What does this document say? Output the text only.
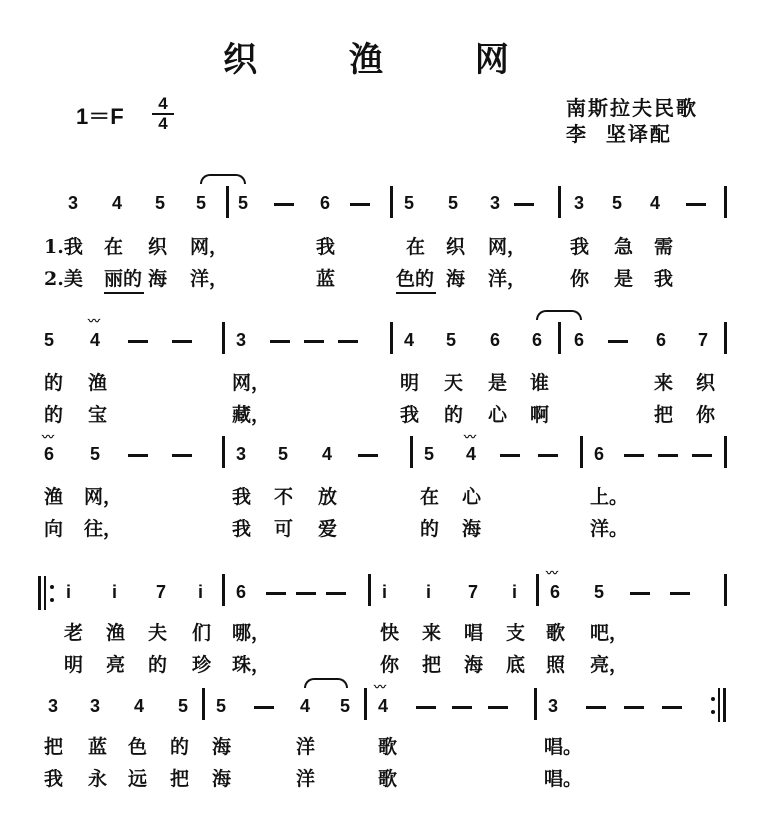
织 渔 网
1＝F
4
4
南斯拉夫民歌
李  坚译配
3 4 5 5 5	6	5 5 3	3 5 4
1.我 在 织 网，	我	在 织 网， 我 急 需
2.美 丽的 海 洋，	蓝	色的 海 洋， 你 是 我
5
〰
4	3	4 5 6 6 6	6 7
的 渔	网，	明 天 是 谁	来 织
的 宝	藏，	我 的 心 啊	把 你
〰
6 5	3 5 4	5
〰
4	6
渔 网，	我 不 放	在 心	上。
向 往，	我 可 爱	的 海	洋。
i i 7 i 6	i i 7 i
〰
6 5
老 渔 夫 们 哪，	快 来 唱 支 歌 吧，
明 亮 的 珍 珠，	你 把 海 底 照 亮，
3 3 4 5 5	4 5
〰
4	3
把 蓝 色 的 海	洋	歌	唱。
我 永 远 把 海	洋	歌	唱。
